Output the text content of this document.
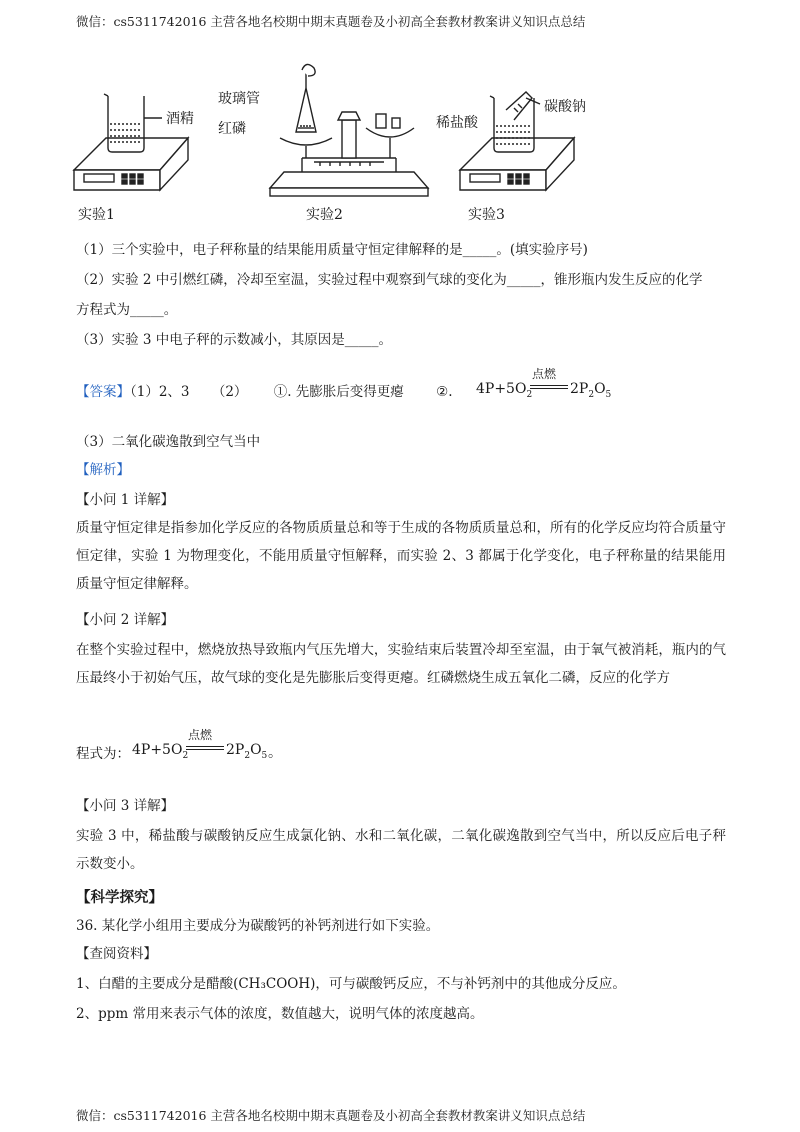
微信：cs5311742016 主营各地名校期中期末真题卷及小初高全套教材教案讲义知识点总结
酒精
实验1
玻璃管
红磷
实验2
稀盐酸
碳酸钠
实验3
（1）三个实验中，电子秤称量的结果能用质量守恒定律解释的是_____。(填实验序号)
（2）实验 2 中引燃红磷，冷却至室温，实验过程中观察到气球的变化为_____，锥形瓶内发生反应的化学
方程式为_____。
（3）实验 3 中电子秤的示数减小，其原因是_____。
【答案】（1）2、3 （2） ①. 先膨胀后变得更瘪 ②. $4P+5O_2$
点燃
$2P_2O_5$
（3）二氧化碳逸散到空气当中
【解析】
【小问 1 详解】
质量守恒定律是指参加化学反应的各物质质量总和等于生成的各物质质量总和，所有的化学反应均符合质量守恒定律，实验 1 为物理变化，不能用质量守恒解释，而实验 2、3 都属于化学变化，电子秤称量的结果能用质量守恒定律解释。
【小问 2 详解】
在整个实验过程中，燃烧放热导致瓶内气压先增大，实验结束后装置冷却至室温，由于氧气被消耗，瓶内的气压最终小于初始气压，故气球的变化是先膨胀后变得更瘪。红磷燃烧生成五氧化二磷，反应的化学方
程式为： $4P+5O_2$
点燃
$2P_2O_5$ 。
【小问 3 详解】
实验 3 中，稀盐酸与碳酸钠反应生成氯化钠、水和二氧化碳，二氧化碳逸散到空气当中，所以反应后电子秤示数变小。
【科学探究】
36. 某化学小组用主要成分为碳酸钙的补钙剂进行如下实验。
【查阅资料】
1、白醋的主要成分是醋酸(CH₃COOH)，可与碳酸钙反应，不与补钙剂中的其他成分反应。
2、ppm 常用来表示气体的浓度，数值越大，说明气体的浓度越高。
微信：cs5311742016 主营各地名校期中期末真题卷及小初高全套教材教案讲义知识点总结
